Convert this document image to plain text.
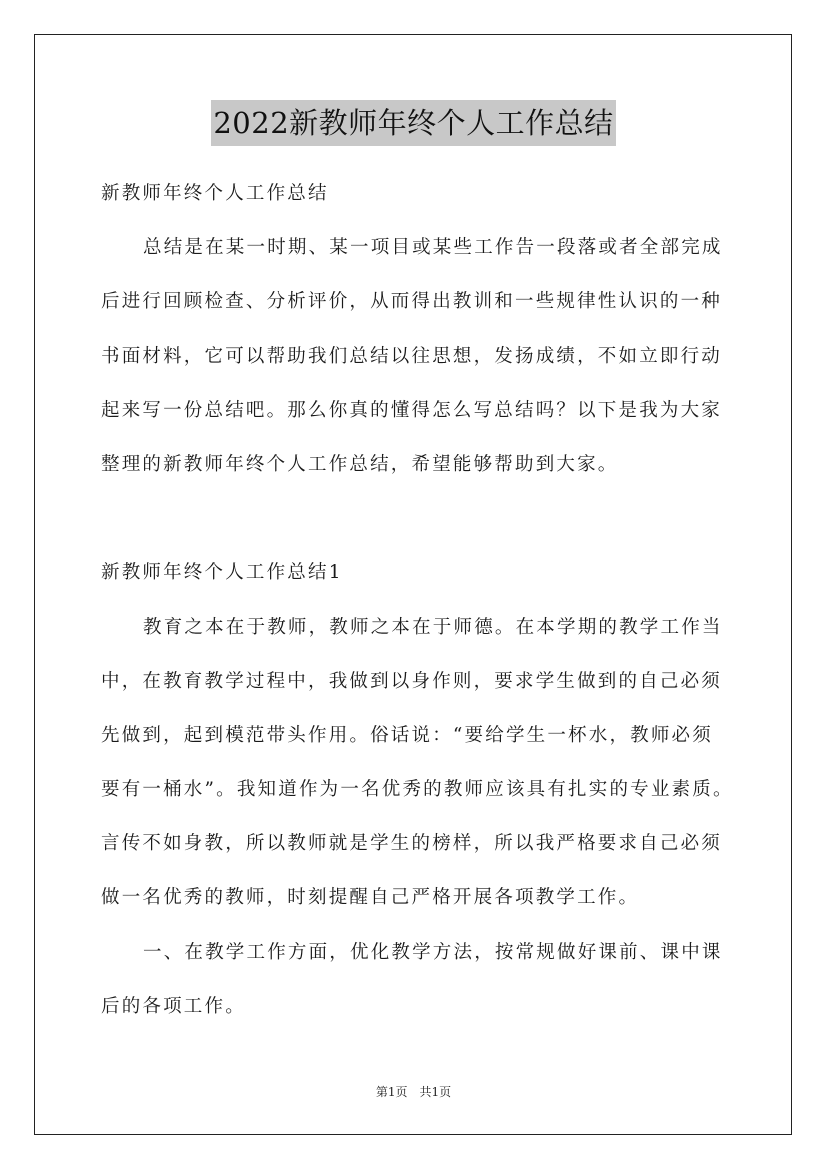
2022新教师年终个人工作总结
新教师年终个人工作总结
总结是在某一时期、某一项目或某些工作告一段落或者全部完成
后进行回顾检查、分析评价，从而得出教训和一些规律性认识的一种
书面材料，它可以帮助我们总结以往思想，发扬成绩，不如立即行动
起来写一份总结吧。那么你真的懂得怎么写总结吗？以下是我为大家
整理的新教师年终个人工作总结，希望能够帮助到大家。
新教师年终个人工作总结1
教育之本在于教师，教师之本在于师德。在本学期的教学工作当
中，在教育教学过程中，我做到以身作则，要求学生做到的自己必须
先做到，起到模范带头作用。俗话说：“要给学生一杯水，教师必须
要有一桶水”。我知道作为一名优秀的教师应该具有扎实的专业素质。
言传不如身教，所以教师就是学生的榜样，所以我严格要求自己必须
做一名优秀的教师，时刻提醒自己严格开展各项教学工作。
一、在教学工作方面，优化教学方法，按常规做好课前、课中课
后的各项工作。
第1页　共1页
